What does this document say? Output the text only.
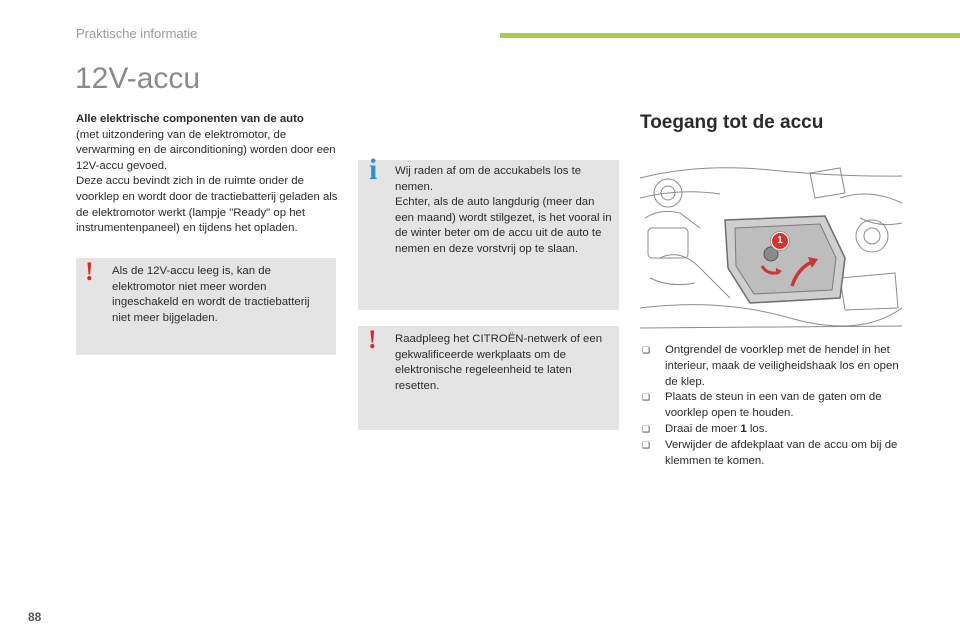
Praktische informatie
12V-accu
Alle elektrische componenten van de auto

(met uitzondering van de elektromotor, de verwarming en de airconditioning) worden door een 12V-accu gevoed.

Deze accu bevindt zich in de ruimte onder de voorklep en wordt door de tractiebatterij geladen als de elektromotor werkt (lampje "Ready" op het instrumentenpaneel) en tijdens het opladen.

! Als de 12V-accu leeg is, kan de elektromotor niet meer worden ingeschakeld en wordt de tractiebatterij niet meer bijgeladen.
i Wij raden af om de accukabels los te nemen.
Echter, als de auto langdurig (meer dan een maand) wordt stilgezet, is het vooral in de winter beter om de accu uit de auto te nemen en deze vorstvrij op te slaan.
! Raadpleeg het CITROËN-netwerk of een gekwalificeerde werkplaats om de elektronische regeleenheid te laten resetten.
Toegang tot de accu
1
❏ Ontgrendel de voorklep met de hendel in het interieur, maak de veiligheidshaak los en open de klep.
❏ Plaats de steun in een van de gaten om de voorklep open te houden.
❏ Draai de moer 1 los.
❏ Verwijder de afdekplaat van de accu om bij de klemmen te komen.
88
